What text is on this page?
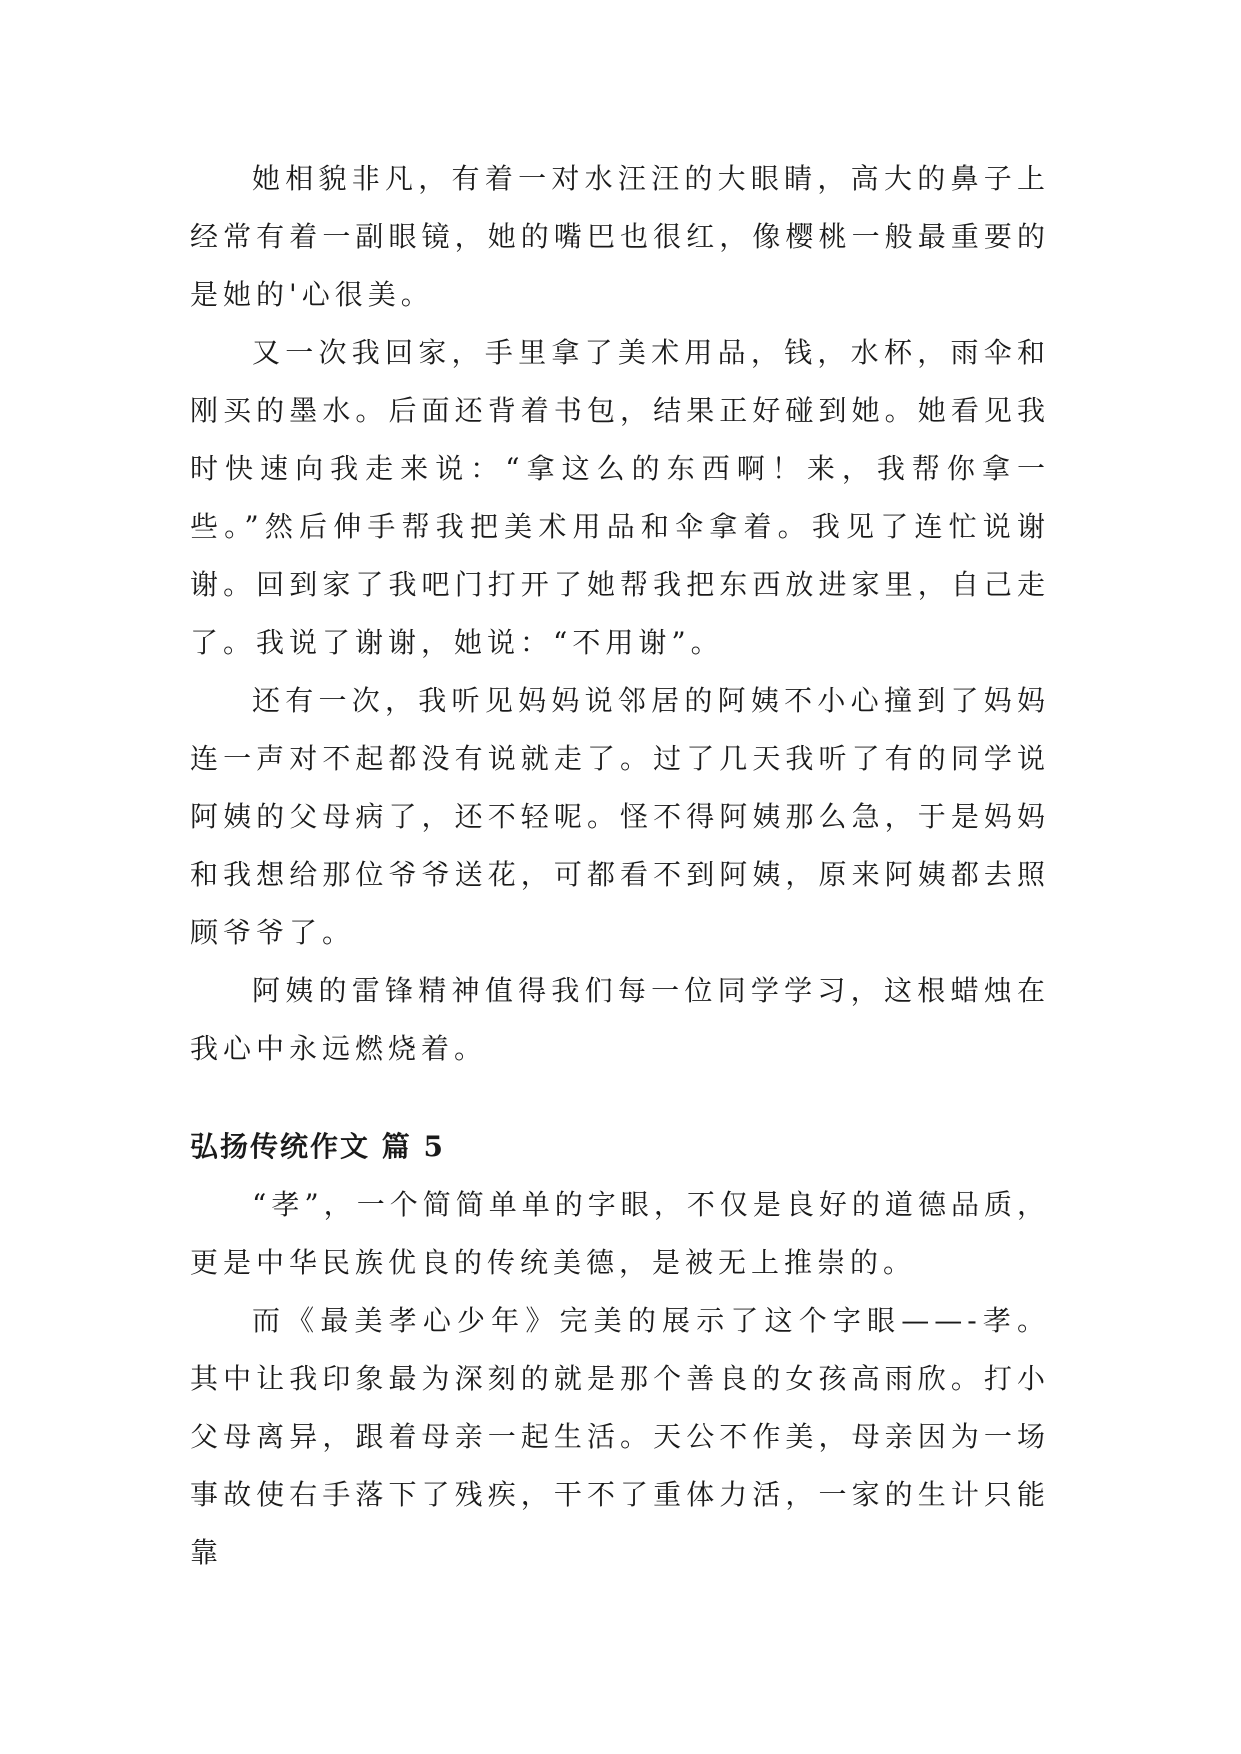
她相貌非凡，有着一对水汪汪的大眼睛，高大的鼻子上经常有着一副眼镜，她的嘴巴也很红，像樱桃一般最重要的是她的'心很美。

又一次我回家，手里拿了美术用品，钱，水杯，雨伞和刚买的墨水。后面还背着书包，结果正好碰到她。她看见我时快速向我走来说：“拿这么的东西啊！来，我帮你拿一些。”然后伸手帮我把美术用品和伞拿着。我见了连忙说谢谢。回到家了我吧门打开了她帮我把东西放进家里，自己走了。我说了谢谢，她说：“不用谢”。

还有一次，我听见妈妈说邻居的阿姨不小心撞到了妈妈连一声对不起都没有说就走了。过了几天我听了有的同学说阿姨的父母病了，还不轻呢。怪不得阿姨那么急，于是妈妈和我想给那位爷爷送花，可都看不到阿姨，原来阿姨都去照顾爷爷了。

阿姨的雷锋精神值得我们每一位同学学习，这根蜡烛在我心中永远燃烧着。

弘扬传统作文 篇 5

“孝”，一个简简单单的字眼，不仅是良好的道德品质，更是中华民族优良的传统美德，是被无上推崇的。

而《最美孝心少年》完美的展示了这个字眼——-孝。其中让我印象最为深刻的就是那个善良的女孩高雨欣。打小父母离异，跟着母亲一起生活。天公不作美，母亲因为一场事故使右手落下了残疾，干不了重体力活，一家的生计只能靠
